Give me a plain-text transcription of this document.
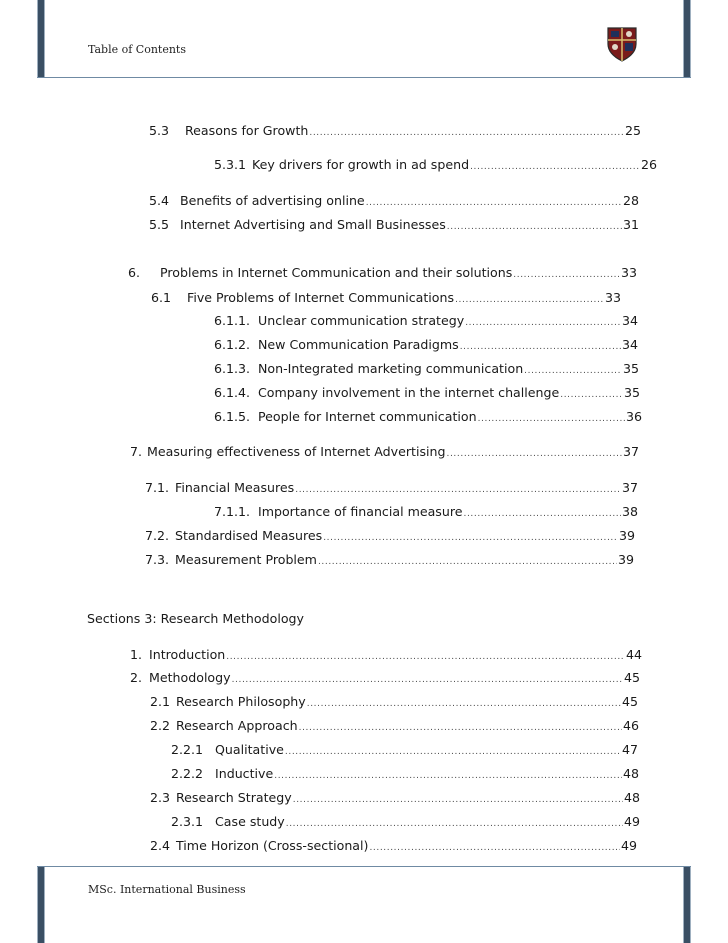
Table of Contents
5.3	Reasons for Growth .....	25
5.3.1 Key drivers for growth in ad spend .....	26
5.4 Benefits of advertising online .....	28
5.5 Internet Advertising and Small Businesses .....	31
6.	Problems in Internet Communication and their solutions .....	33
6.1	Five Problems of Internet Communications .....	33
6.1.1. Unclear communication strategy .....	34
6.1.2. New Communication Paradigms .....	34
6.1.3. Non-Integrated marketing communication .....	35
6.1.4. Company involvement in the internet challenge .....	35
6.1.5. People for Internet communication .....	36
7. Measuring effectiveness of Internet Advertising .....	37
7.1. Financial Measures .....	37
7.1.1. Importance of financial measure .....	38
7.2. Standardised Measures .....	39
7.3. Measurement Problem .....	39
Sections 3: Research Methodology
1. Introduction .....	44
2. Methodology .....	45
2.1 Research Philosophy .....	45
2.2 Research Approach .....	46
2.2.1 Qualitative .....	47
2.2.2 Inductive .....	48
2.3 Research Strategy .....	48
2.3.1 Case study .....	49
2.4 Time Horizon (Cross-sectional) .....	49
MSc. International Business
